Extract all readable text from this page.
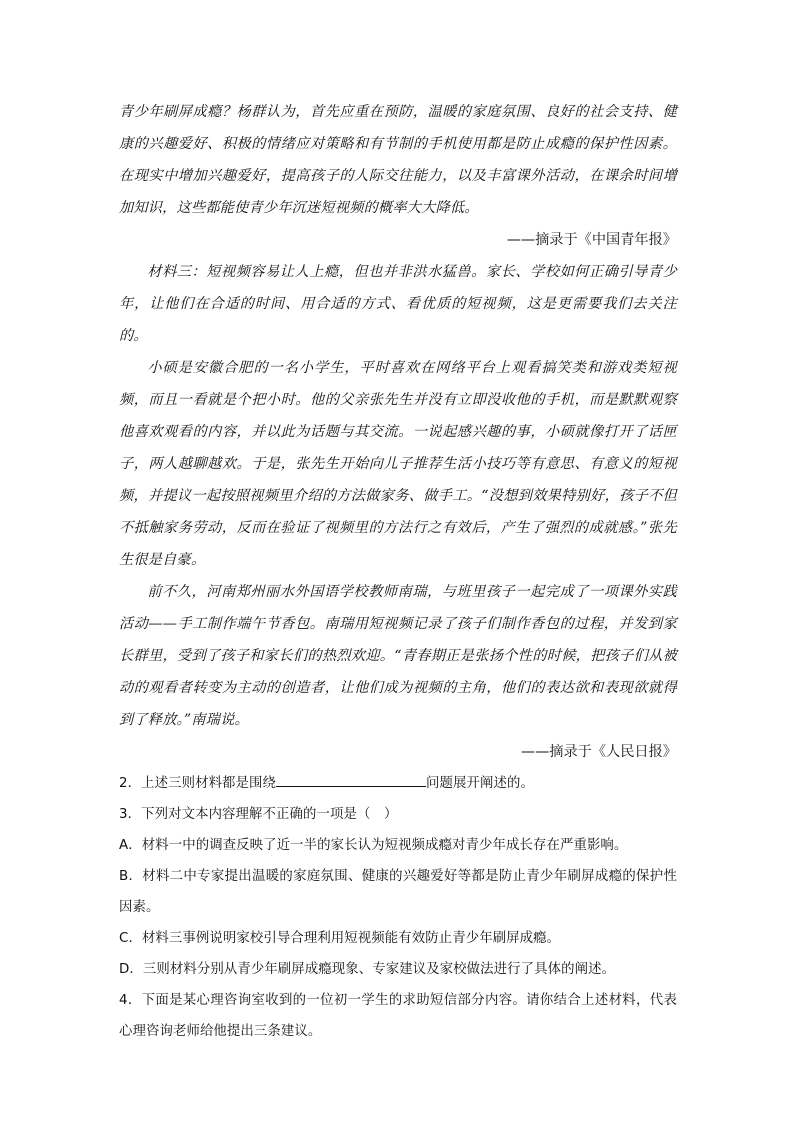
青少年刷屏成瘾？杨群认为，首先应重在预防，温暖的家庭氛围、良好的社会支持、健康的兴趣爱好、积极的情绪应对策略和有节制的手机使用都是防止成瘾的保护性因素。在现实中增加兴趣爱好，提高孩子的人际交往能力，以及丰富课外活动，在课余时间增加知识，这些都能使青少年沉迷短视频的概率大大降低。

——摘录于《中国青年报》

材料三：短视频容易让人上瘾，但也并非洪水猛兽。家长、学校如何正确引导青少年，让他们在合适的时间、用合适的方式、看优质的短视频，这是更需要我们去关注的。

小硕是安徽合肥的一名小学生，平时喜欢在网络平台上观看搞笑类和游戏类短视频，而且一看就是个把小时。他的父亲张先生并没有立即没收他的手机，而是默默观察他喜欢观看的内容，并以此为话题与其交流。一说起感兴趣的事，小硕就像打开了话匣子，两人越聊越欢。于是，张先生开始向儿子推荐生活小技巧等有意思、有意义的短视频，并提议一起按照视频里介绍的方法做家务、做手工。“没想到效果特别好，孩子不但不抵触家务劳动，反而在验证了视频里的方法行之有效后，产生了强烈的成就感。”张先生很是自豪。

前不久，河南郑州丽水外国语学校教师南瑞，与班里孩子一起完成了一项课外实践活动——手工制作端午节香包。南瑞用短视频记录了孩子们制作香包的过程，并发到家长群里，受到了孩子和家长们的热烈欢迎。“青春期正是张扬个性的时候，把孩子们从被动的观看者转变为主动的创造者，让他们成为视频的主角，他们的表达欲和表现欲就得到了释放。”南瑞说。

——摘录于《人民日报》

2．上述三则材料都是围绕	问题展开阐述的。

3．下列对文本内容理解不正确的一项是（　）

A．材料一中的调查反映了近一半的家长认为短视频成瘾对青少年成长存在严重影响。

B．材料二中专家提出温暖的家庭氛围、健康的兴趣爱好等都是防止青少年刷屏成瘾的保护性因素。

C．材料三事例说明家校引导合理利用短视频能有效防止青少年刷屏成瘾。

D．三则材料分别从青少年刷屏成瘾现象、专家建议及家校做法进行了具体的阐述。

4．下面是某心理咨询室收到的一位初一学生的求助短信部分内容。请你结合上述材料，代表心理咨询老师给他提出三条建议。
